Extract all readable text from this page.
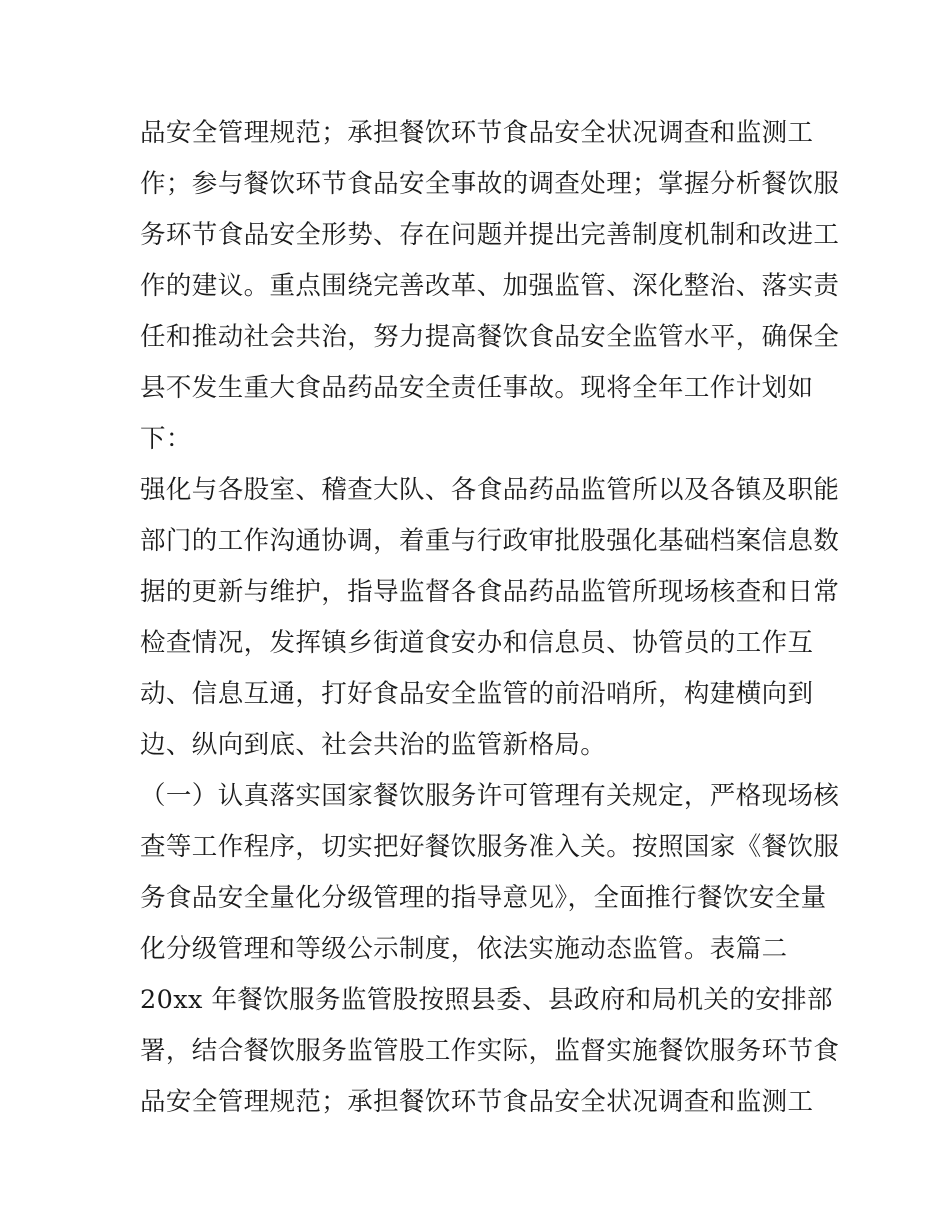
品安全管理规范；承担餐饮环节食品安全状况调查和监测工
作；参与餐饮环节食品安全事故的调查处理；掌握分析餐饮服
务环节食品安全形势、存在问题并提出完善制度机制和改进工
作的建议。重点围绕完善改革、加强监管、深化整治、落实责
任和推动社会共治，努力提高餐饮食品安全监管水平，确保全
县不发生重大食品药品安全责任事故。现将全年工作计划如
下：
强化与各股室、稽查大队、各食品药品监管所以及各镇及职能
部门的工作沟通协调，着重与行政审批股强化基础档案信息数
据的更新与维护，指导监督各食品药品监管所现场核查和日常
检查情况，发挥镇乡街道食安办和信息员、协管员的工作互
动、信息互通，打好食品安全监管的前沿哨所，构建横向到
边、纵向到底、社会共治的监管新格局。
（一）认真落实国家餐饮服务许可管理有关规定，严格现场核
查等工作程序，切实把好餐饮服务准入关。按照国家《餐饮服
务食品安全量化分级管理的指导意见》，全面推行餐饮安全量
化分级管理和等级公示制度，依法实施动态监管。表篇二
20xx 年餐饮服务监管股按照县委、县政府和局机关的安排部
署，结合餐饮服务监管股工作实际，监督实施餐饮服务环节食
品安全管理规范；承担餐饮环节食品安全状况调查和监测工
